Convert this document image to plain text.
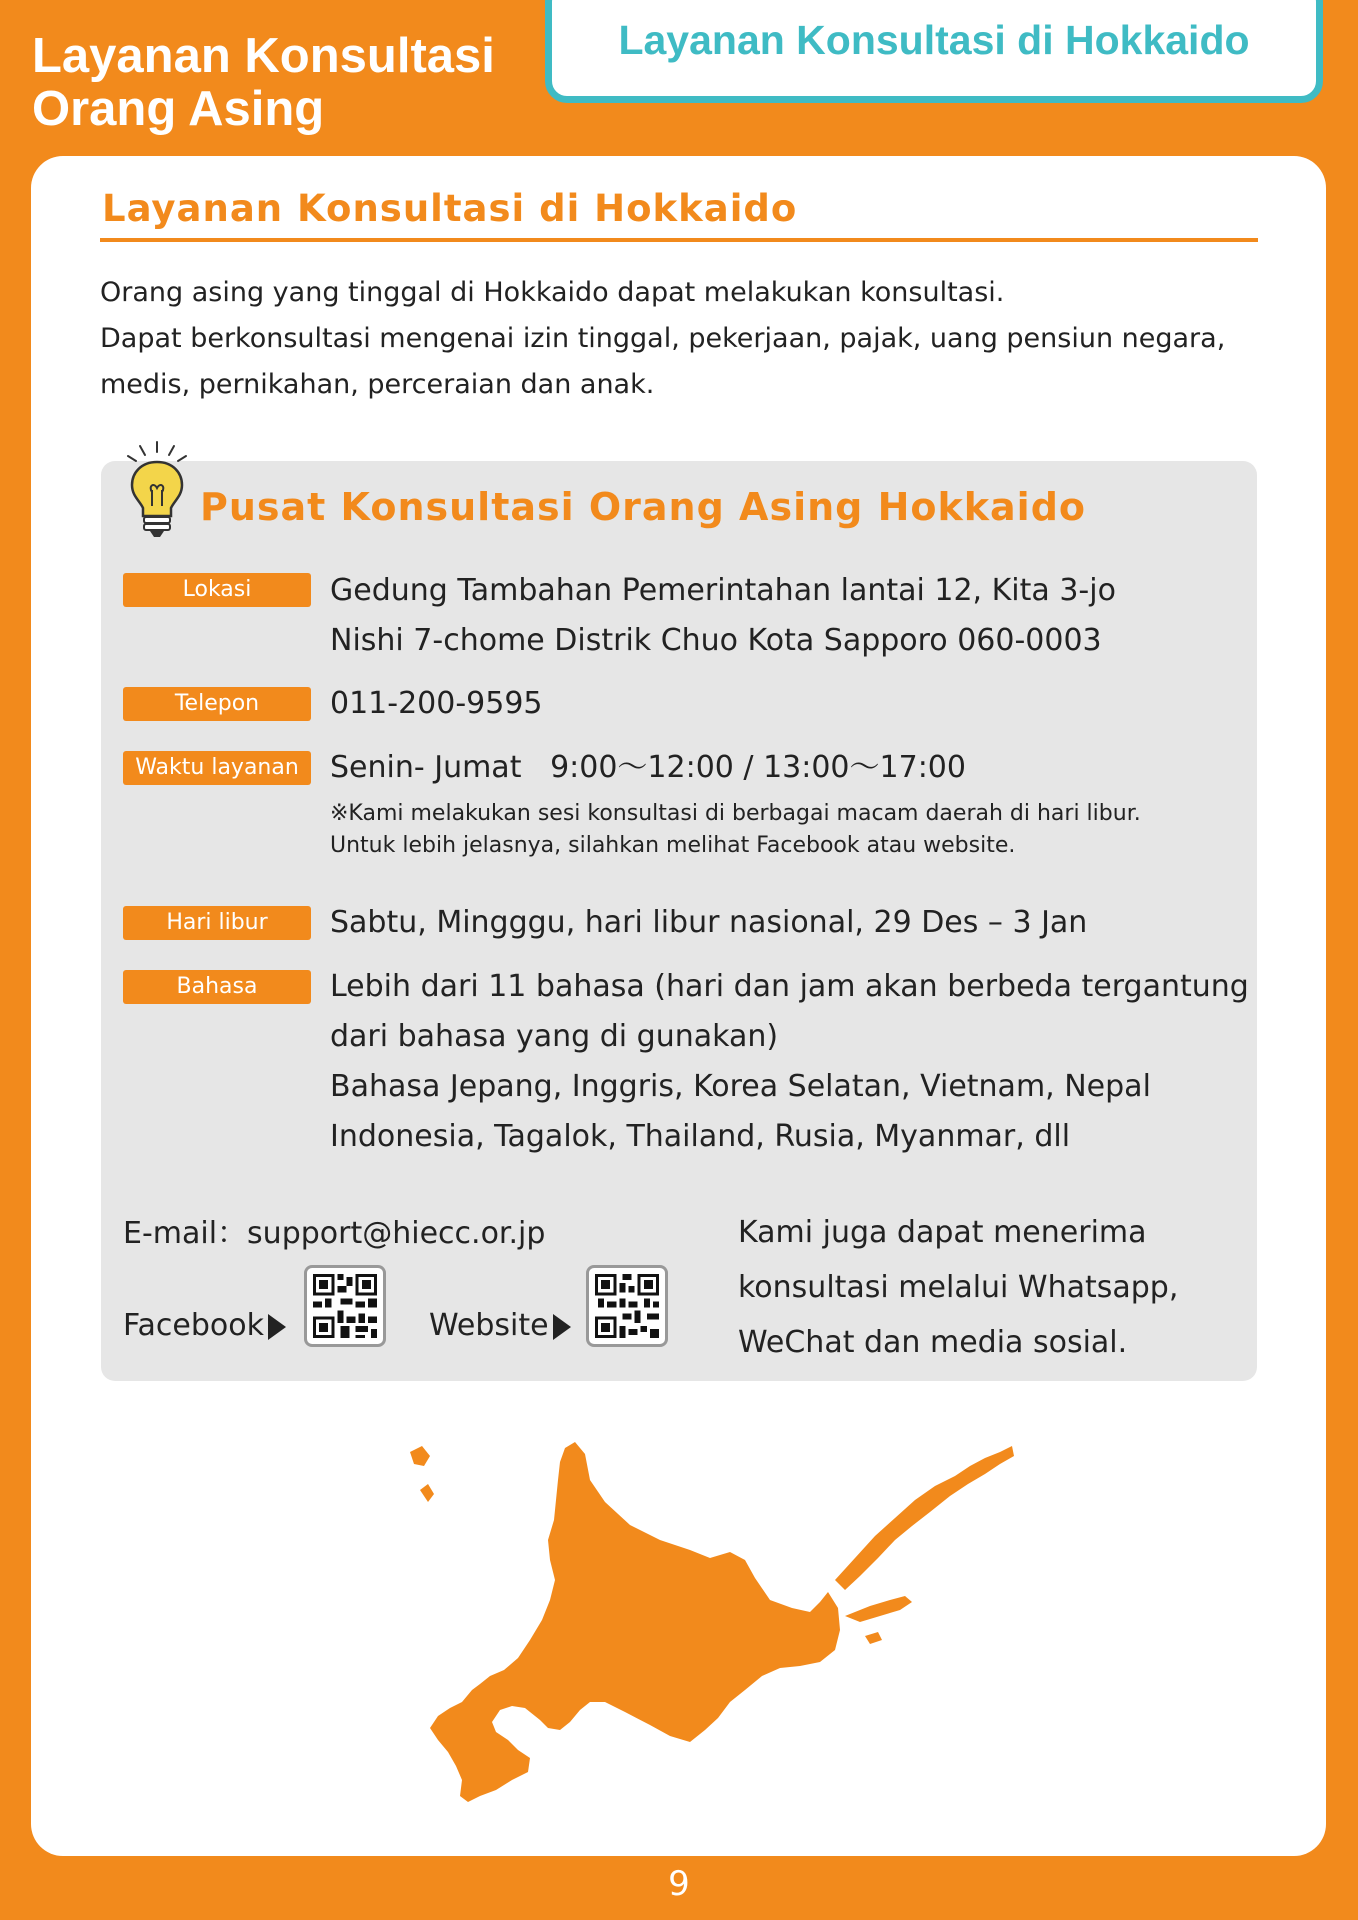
Layanan Konsultasi
Orang Asing
Layanan Konsultasi di Hokkaido
Layanan Konsultasi di Hokkaido

Orang asing yang tinggal di Hokkaido dapat melakukan konsultasi.

Dapat berkonsultasi mengenai izin tinggal, pekerjaan, pajak, uang pensiun negara,

medis, pernikahan, perceraian dan anak.

Pusat Konsultasi Orang Asing Hokkaido
Lokasi	Gedung Tambahan Pemerintahan lantai 12, Kita 3-jo

Nishi 7-chome Distrik Chuo Kota Sapporo 060-0003

Telepon	011-200-9595
Waktu layanan	Senin- Jumat   9:00～12:00 / 13:00～17:00

※Kami melakukan sesi konsultasi di berbagai macam daerah di hari libur.

Untuk lebih jelasnya, silahkan melihat Facebook atau website.

Hari libur	Sabtu, Mingggu, hari libur nasional, 29 Des – 3 Jan
Bahasa	Lebih dari 11 bahasa (hari dan jam akan berbeda tergantung

dari bahasa yang di gunakan)

Bahasa Jepang, Inggris, Korea Selatan, Vietnam, Nepal

Indonesia, Tagalok, Thailand, Rusia, Myanmar, dll

E-mail：support@hiecc.or.jp
Facebook	Website

Kami juga dapat menerima

konsultasi melalui Whatsapp,

WeChat dan media sosial.

9
